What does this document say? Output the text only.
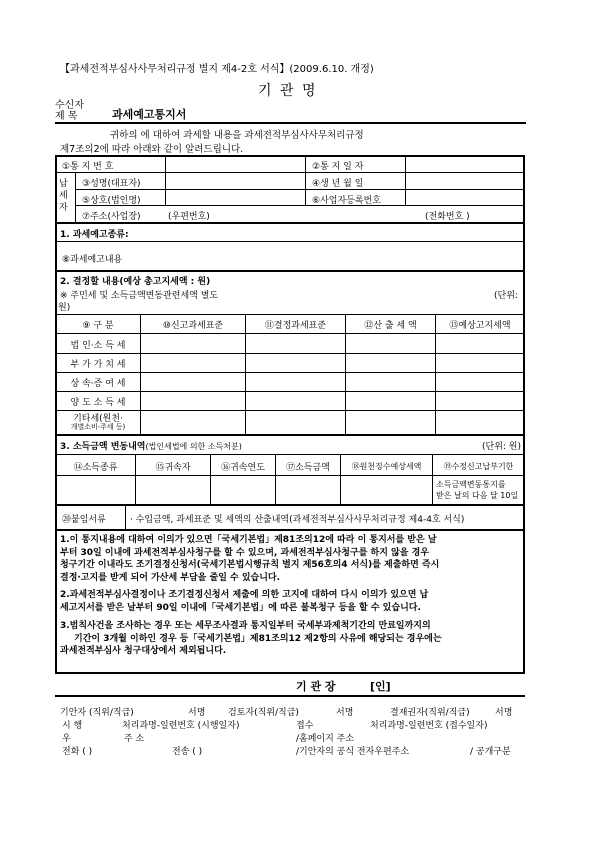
【과세전적부심사사무처리규정 별지 제4-2호 서식】(2009.6.10. 개정)
기 관 명
수신자
제 목	과세예고통지서
귀하의 에 대하여 과세할 내용을 과세전적부심사사무처리규정
제7조의2에 따라 아래와 같이 알려드립니다.
①통 지 번 호	②통 지 일 자
납
세
자
③성명(대표자)	④생 년 월 일
⑤상호(법인명)	⑥사업자등록번호
⑦주소(사업장)	(우편번호)	(전화번호 )
1. 과세예고종류:
⑧과세예고내용
2. 결정할 내용(예상 총고지세액 : 원)
※ 주민세 및 소득금액변동관련세액 별도	(단위:
원)
⑨ 구 분	⑩신고과세표준	⑪결정과세표준	⑫산 출 세 액	⑬예상고지세액
법 인·소 득 세
부 가 가 치 세
상 속·증 여 세
양 도 소 득 세
기타세(원천·
개별소비·주세 등)
3. 소득금액 변동내역(법인세법에 의한 소득처분)	(단위: 원)
⑭소득종류	⑮귀속자	⑯귀속연도	⑰소득금액	⑱원천징수예상세액	⑲수정신고납부기한
소득금액변동통지를
받은 날의 다음 달 10일
⑳붙임서류	· 수입금액, 과세표준 및 세액의 산출내역(과세전적부심사사무처리규정 제4-4호 서식)
1.이 통지내용에 대하여 이의가 있으면「국세기본법」제81조의12에 따라 이 통지서를 받은 날
부터 30일 이내에 과세전적부심사청구를 할 수 있으며, 과세전적부심사청구를 하지 않을 경우
청구기간 이내라도 조기결정신청서(국세기본법시행규칙 별지 제56호의4 서식)를 제출하면 즉시
결정·고지를 받게 되어 가산세 부담을 줄일 수 있습니다.
2.과세전적부심사결정이나 조기결정신청서 제출에 의한 고지에 대하여 다시 이의가 있으면 납
세고지서를 받은 날부터 90일 이내에「국세기본법」에 따른 불복청구 등을 할 수 있습니다.
3.범칙사건을 조사하는 경우 또는 세무조사결과 통지일부터 국세부과제척기간의 만료일까지의
기간이 3개월 이하인 경우 등「국세기본법」제81조의12 제2항의 사유에 해당되는 경우에는
과세전적부심사 청구대상에서 제외됩니다.
기 관 장	[인]
기안자 (직위/직급)	서명	검토자(직위/직급)	서명	결재권자(직위/직급)	서명
시 행	처리과명-일련번호 (시행일자)	접수	처리과명-일련번호 (접수일자)
우	주 소	/홈페이지 주소
전화 ( )	전송 ( )	/기안자의 공식 전자우편주소	/ 공개구분
